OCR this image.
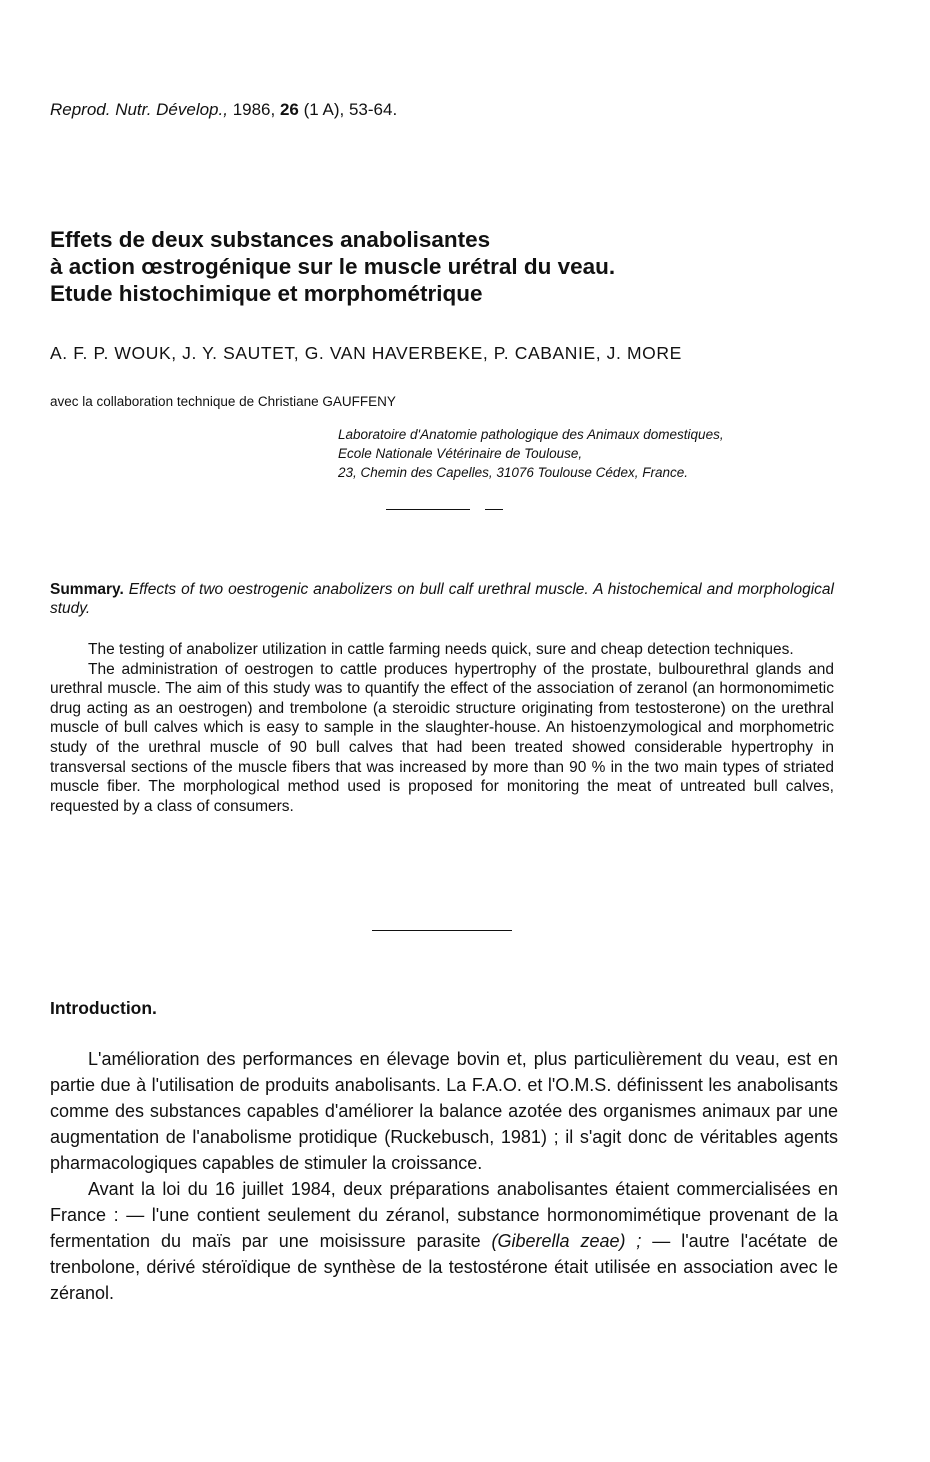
Reprod. Nutr. Dévelop., 1986, 26 (1 A), 53-64.
Effets de deux substances anabolisantes
à action œstrogénique sur le muscle urétral du veau.
Etude histochimique et morphométrique
A. F. P. WOUK, J. Y. SAUTET, G. VAN HAVERBEKE, P. CABANIE, J. MORE
avec la collaboration technique de Christiane GAUFFENY
Laboratoire d'Anatomie pathologique des Animaux domestiques,
Ecole Nationale Vétérinaire de Toulouse,
23, Chemin des Capelles, 31076 Toulouse Cédex, France.
Summary. Effects of two oestrogenic anabolizers on bull calf urethral muscle. A histochemical and morphological study.

The testing of anabolizer utilization in cattle farming needs quick, sure and cheap detection techniques.

The administration of oestrogen to cattle produces hypertrophy of the prostate, bulbourethral glands and urethral muscle. The aim of this study was to quantify the effect of the association of zeranol (an hormonomimetic drug acting as an oestrogen) and trembolone (a steroidic structure originating from testosterone) on the urethral muscle of bull calves which is easy to sample in the slaughter-house. An histoenzymological and morphometric study of the urethral muscle of 90 bull calves that had been treated showed considerable hypertrophy in transversal sections of the muscle fibers that was increased by more than 90 % in the two main types of striated muscle fiber. The morphological method used is proposed for monitoring the meat of untreated bull calves, requested by a class of consumers.

Introduction.

L'amélioration des performances en élevage bovin et, plus particulièrement du veau, est en partie due à l'utilisation de produits anabolisants. La F.A.O. et l'O.M.S. définissent les anabolisants comme des substances capables d'améliorer la balance azotée des organismes animaux par une augmentation de l'anabolisme protidique (Ruckebusch, 1981) ; il s'agit donc de véritables agents pharmacologiques capables de stimuler la croissance.

Avant la loi du 16 juillet 1984, deux préparations anabolisantes étaient commercialisées en France : — l'une contient seulement du zéranol, substance hormonomimétique provenant de la fermentation du maïs par une moisissure parasite (Giberella zeae) ; — l'autre l'acétate de trenbolone, dérivé stéroïdique de synthèse de la testostérone était utilisée en association avec le zéranol.
